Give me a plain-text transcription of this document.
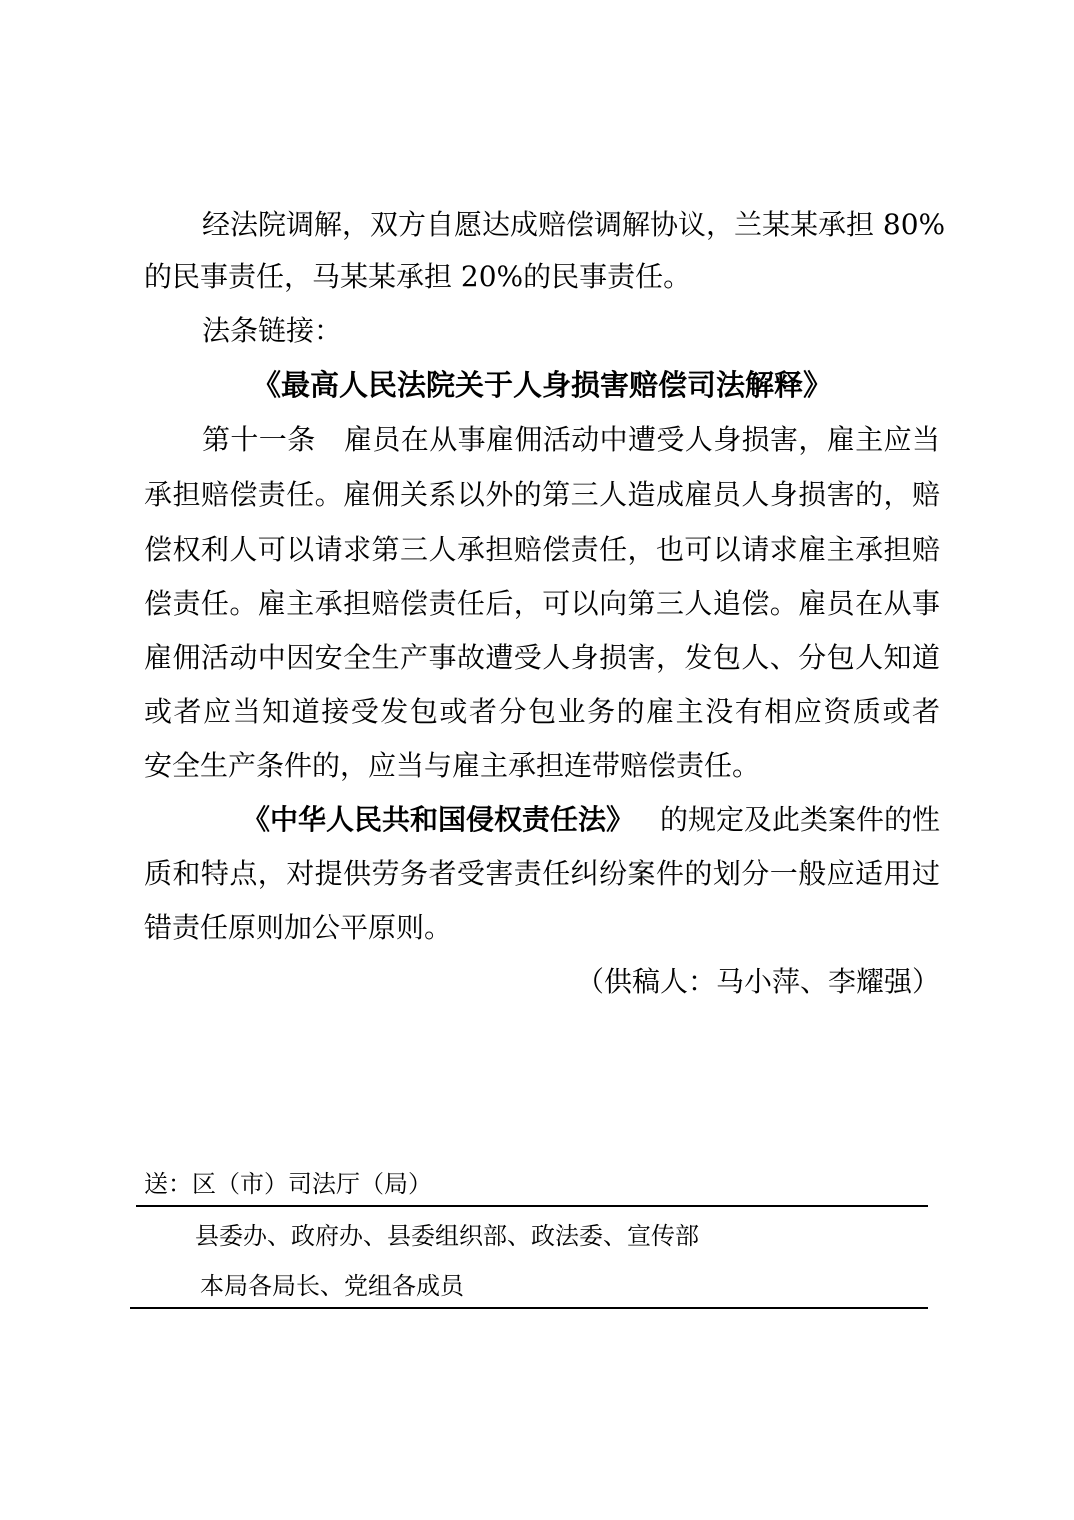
经法院调解，双方自愿达成赔偿调解协议，兰某某承担 80%
的民事责任，马某某承担 20%的民事责任。
法条链接：
《最高人民法院关于人身损害赔偿司法解释》
第十一条　雇员在从事雇佣活动中遭受人身损害，雇主应当
承担赔偿责任。雇佣关系以外的第三人造成雇员人身损害的，赔
偿权利人可以请求第三人承担赔偿责任，也可以请求雇主承担赔
偿责任。雇主承担赔偿责任后，可以向第三人追偿。雇员在从事
雇佣活动中因安全生产事故遭受人身损害，发包人、分包人知道
或者应当知道接受发包或者分包业务的雇主没有相应资质或者
安全生产条件的，应当与雇主承担连带赔偿责任。
《中华人民共和国侵权责任法》 的规定及此类案件的性
质和特点，对提供劳务者受害责任纠纷案件的划分一般应适用过
错责任原则加公平原则。
（供稿人：马小萍、李耀强）
送：区（市）司法厅（局）
县委办、政府办、县委组织部、政法委、宣传部
本局各局长、党组各成员
